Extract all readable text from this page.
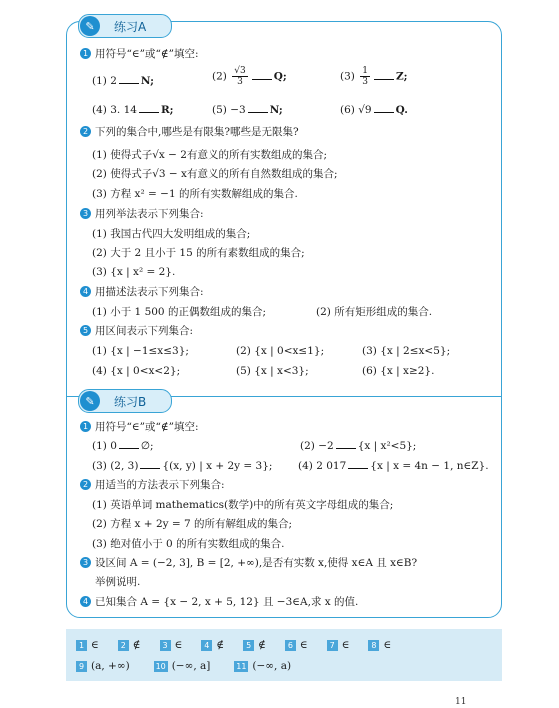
✎	练习A
1 用符号“∈”或“∉”填空:
(1) 2 N;	$(2) \frac{√3}{3} Q$;	$(3) \frac{1}{3} Z$;
(4) 3. 14 R;	(5) −3 N;	(6) √9 Q.
2 下列的集合中,哪些是有限集?哪些是无限集?
(1) 使得式子√x − 2有意义的所有实数组成的集合;
(2) 使得式子√3 − x有意义的所有自然数组成的集合;
(3) 方程 x² = −1 的所有实数解组成的集合.
3 用列举法表示下列集合:
(1) 我国古代四大发明组成的集合;
(2) 大于 2 且小于 15 的所有素数组成的集合;
(3) {x | x² = 2}.
4 用描述法表示下列集合:
(1) 小于 1 500 的正偶数组成的集合;	(2) 所有矩形组成的集合.
5 用区间表示下列集合:
(1) {x | −1≤x≤3};	(2) {x | 0<x≤1};	(3) {x | 2≤x<5};
(4) {x | 0<x<2};	(5) {x | x<3};	(6) {x | x≥2}.
✎	练习B
1 用符号“∈”或“∉”填空:
(1) 0 ∅;	(2) −2 {x | x²<5};
(3) (2, 3) {(x, y) | x + 2y = 3}; (4) 2 017 {x | x = 4n − 1, n∈Z}.
2 用适当的方法表示下列集合:
(1) 英语单词 mathematics(数学)中的所有英文字母组成的集合;
(2) 方程 x + 2y = 7 的所有解组成的集合;
(3) 绝对值小于 0 的所有实数组成的集合.
3 设区间 A = (−2, 3], B = [2, +∞),是否有实数 x,使得 x∈A 且 x∈B?
举例说明.
4 已知集合 A = {x − 2, x + 5, 12} 且 −3∈A,求 x 的值.
1 ∈	2 ∉	3 ∈	4 ∉	5 ∉	6 ∈	7 ∈	8 ∈
9 (a, +∞)	10 (−∞, a]	11 (−∞, a)
11
